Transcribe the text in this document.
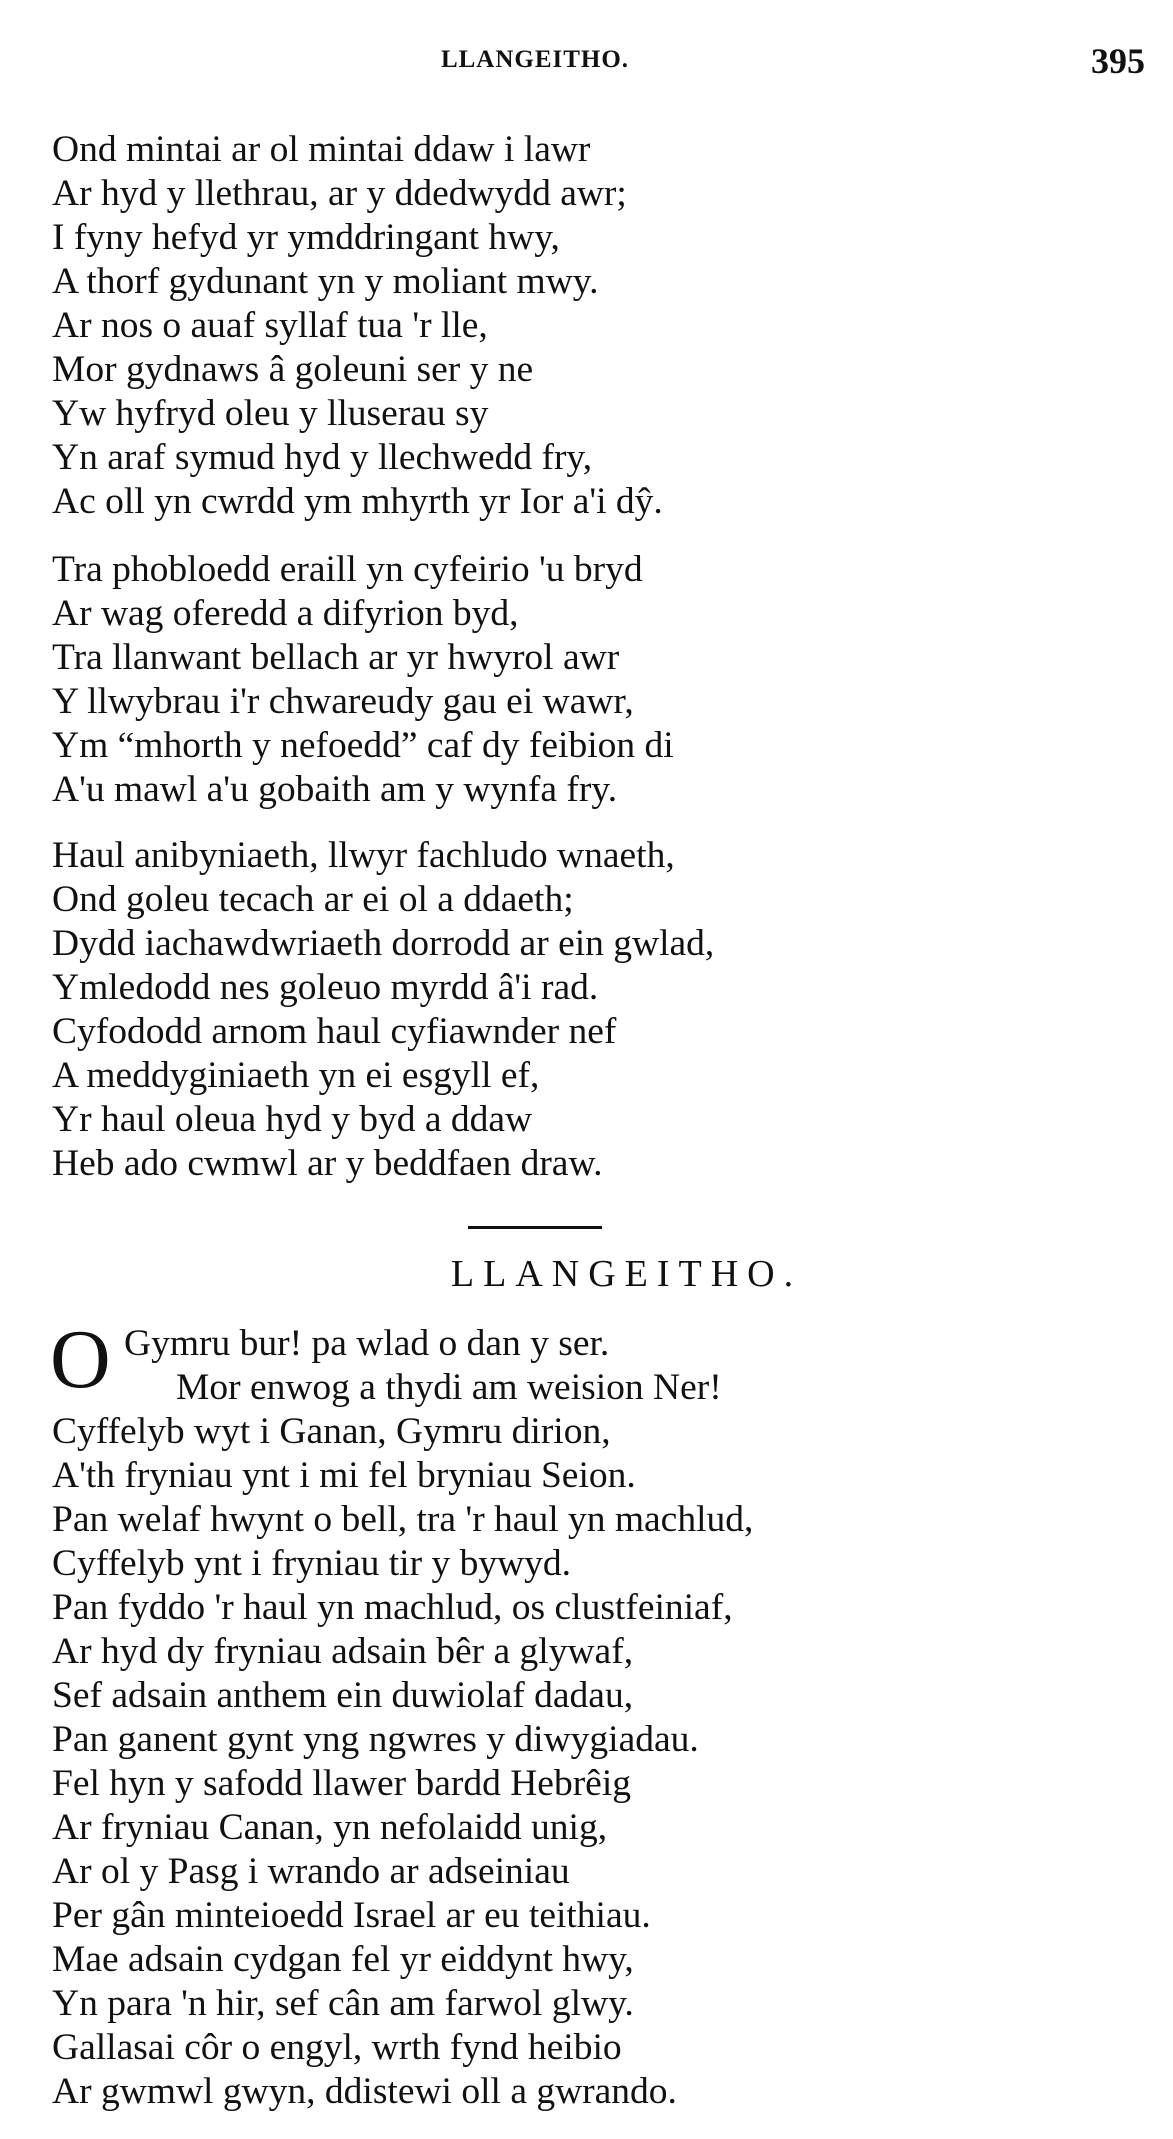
LLANGEITHO.	395
Ond mintai ar ol mintai ddaw i lawr
Ar hyd y llethrau, ar y ddedwydd awr;
I fyny hefyd yr ymddringant hwy,
A thorf gydunant yn y moliant mwy.
Ar nos o auaf syllaf tua 'r lle,
Mor gydnaws â goleuni ser y ne
Yw hyfryd oleu y lluserau sy
Yn araf symud hyd y llechwedd fry,
Ac oll yn cwrdd ym mhyrth yr Ior a'i dŷ.
Tra phobloedd eraill yn cyfeirio 'u bryd
Ar wag oferedd a difyrion byd,
Tra llanwant bellach ar yr hwyrol awr
Y llwybrau i'r chwareudy gau ei wawr,
Ym “mhorth y nefoedd” caf dy feibion di
A'u mawl a'u gobaith am y wynfa fry.
Haul anibyniaeth, llwyr fachludo wnaeth,
Ond goleu tecach ar ei ol a ddaeth;
Dydd iachawdwriaeth dorrodd ar ein gwlad,
Ymledodd nes goleuo myrdd â'i rad.
Cyfododd arnom haul cyfiawnder nef
A meddyginiaeth yn ei esgyll ef,
Yr haul oleua hyd y byd a ddaw
Heb ado cwmwl ar y beddfaen draw.
LLANGEITHO.
O Gymru bur! pa wlad o dan y ser.
Mor enwog a thydi am weision Ner!
Cyffelyb wyt i Ganan, Gymru dirion,
A'th fryniau ynt i mi fel bryniau Seion.
Pan welaf hwynt o bell, tra 'r haul yn machlud,
Cyffelyb ynt i fryniau tir y bywyd.
Pan fyddo 'r haul yn machlud, os clustfeiniaf,
Ar hyd dy fryniau adsain bêr a glywaf,
Sef adsain anthem ein duwiolaf dadau,
Pan ganent gynt yng ngwres y diwygiadau.
Fel hyn y safodd llawer bardd Hebrêig
Ar fryniau Canan, yn nefolaidd unig,
Ar ol y Pasg i wrando ar adseiniau
Per gân minteioedd Israel ar eu teithiau.
Mae adsain cydgan fel yr eiddynt hwy,
Yn para 'n hir, sef cân am farwol glwy.
Gallasai côr o engyl, wrth fynd heibio
Ar gwmwl gwyn, ddistewi oll a gwrando.
